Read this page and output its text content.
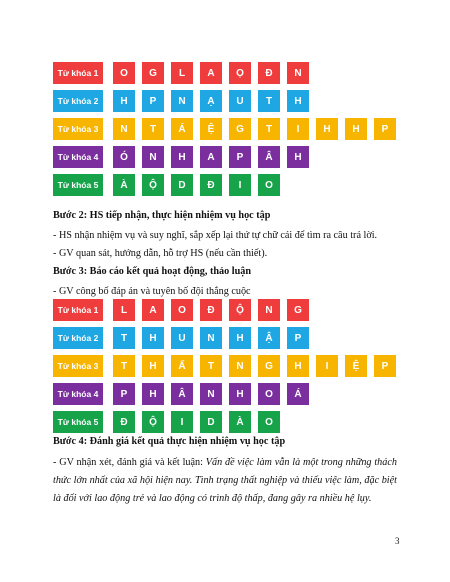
Từ khóa 1	O	G	L	A	Ọ	Đ	N
Từ khóa 2	H	P	N	Ạ	U	T	H
Từ khóa 3	N	T	Á	Ệ	G	T	I	H	H	P
Từ khóa 4	Ó	N	H	A	P	Â	H
Từ khóa 5	À	Ộ	D	Đ	I	O

Bước 2: HS tiếp nhận, thực hiện nhiệm vụ học tập

- HS nhận nhiệm vụ và suy nghĩ, sắp xếp lại thứ tự chữ cái để tìm ra câu trả lời.

- GV quan sát, hướng dẫn, hỗ trợ HS (nếu cần thiết).

Bước 3: Báo cáo kết quả hoạt động, thảo luận

- GV công bố đáp án và tuyên bố đội thắng cuộc

Từ khóa 1	L	A	O	Đ	Ộ	N	G
Từ khóa 2	T	H	U	N	H	Ậ	P
Từ khóa 3	T	H	Ấ	T	N	G	H	I	Ệ	P
Từ khóa 4	P	H	Â	N	H	O	Á
Từ khóa 5	Đ	Ộ	I	D	À	O

Bước 4: Đánh giá kết quả thực hiện nhiệm vụ học tập

- GV nhận xét, đánh giá và kết luận: Vấn đề việc làm vẫn là một trong những thách thức lớn nhất của xã hội hiện nay. Tình trạng thất nghiệp và thiếu việc làm, đặc biệt là đối với lao động trẻ và lao động có trình độ thấp, đang gây ra nhiều hệ lụy.

3
